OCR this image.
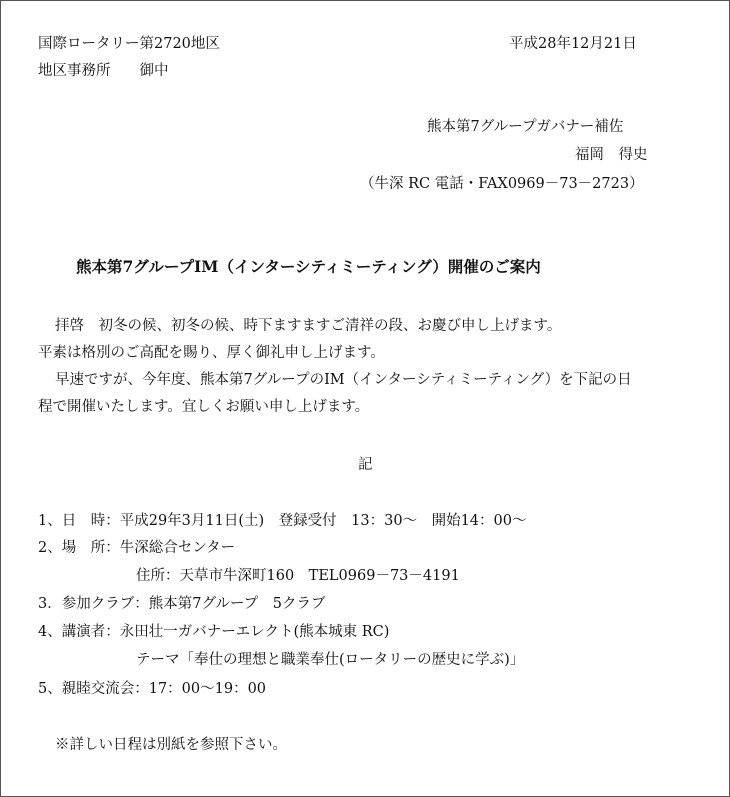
国際ロータリー第2720地区
地区事務所　　御中
平成28年12月21日
熊本第7グループガバナー補佐
福岡　得史
（牛深 RC 電話・FAX0969－73－2723）
熊本第7グループIM（インターシティミーティング）開催のご案内
拝啓　初冬の候、初冬の候、時下ますますご清祥の段、お慶び申し上げます。
平素は格別のご高配を賜り、厚く御礼申し上げます。
早速ですが、今年度、熊本第7グループのIM（インターシティミーティング）を下記の日
程で開催いたします。宜しくお願い申し上げます。
記
1、日　時：平成29年3月11日(土)　登録受付　13：30～　開始14：00～
2、場　所：牛深総合センター
住所：天草市牛深町160　TEL0969－73－4191
3．参加クラブ：熊本第7グループ　5クラブ
4、講演者：永田壮一ガバナーエレクト(熊本城東 RC)
テーマ「奉仕の理想と職業奉仕(ロータリーの歴史に学ぶ)」
5、親睦交流会：17：00～19：00
※詳しい日程は別紙を参照下さい。
